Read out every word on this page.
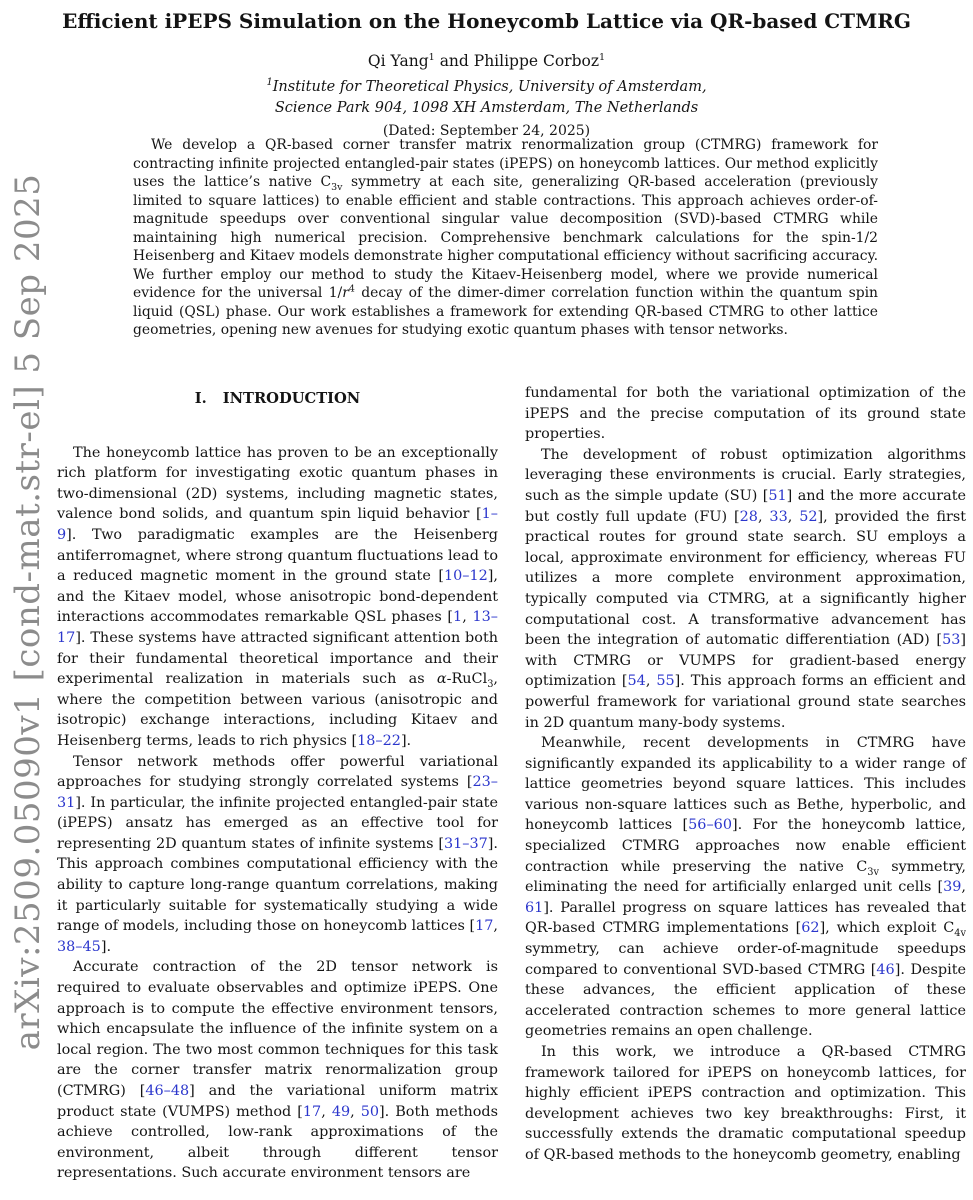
arXiv:2509.05090v1 [cond-mat.str-el] 5 Sep 2025
Efficient iPEPS Simulation on the Honeycomb Lattice via QR-based CTMRG
Qi Yang$^1$ and Philippe Corboz$^1$
$^1$Institute for Theoretical Physics, University of Amsterdam,
Science Park 904, 1098 XH Amsterdam, The Netherlands
(Dated: September 24, 2025)

We develop a QR-based corner transfer matrix renormalization group (CTMRG) framework for contracting infinite projected entangled-pair states (iPEPS) on honeycomb lattices. Our method explicitly uses the lattice’s native $C_{3v}$ symmetry at each site, generalizing QR-based acceleration (previously limited to square lattices) to enable efficient and stable contractions. This approach achieves order-of-magnitude speedups over conventional singular value decomposition (SVD)-based CTMRG while maintaining high numerical precision. Comprehensive benchmark calculations for the spin-1/2 Heisenberg and Kitaev models demonstrate higher computational efficiency without sacrificing accuracy. We further employ our method to study the Kitaev-Heisenberg model, where we provide numerical evidence for the universal $1/r^4$ decay of the dimer-dimer correlation function within the quantum spin liquid (QSL) phase. Our work establishes a framework for extending QR-based CTMRG to other lattice geometries, opening new avenues for studying exotic quantum phases with tensor networks.

I. INTRODUCTION

The honeycomb lattice has proven to be an exceptionally rich platform for investigating exotic quantum phases in two-dimensional (2D) systems, including magnetic states, valence bond solids, and quantum spin liquid behavior [1–9]. Two paradigmatic examples are the Heisenberg antiferromagnet, where strong quantum fluctuations lead to a reduced magnetic moment in the ground state [10–12], and the Kitaev model, whose anisotropic bond-dependent interactions accommodates remarkable QSL phases [1, 13–17]. These systems have attracted significant attention both for their fundamental theoretical importance and their experimental realization in materials such as α-RuCl$_3$, where the competition between various (anisotropic and isotropic) exchange interactions, including Kitaev and Heisenberg terms, leads to rich physics [18–22].

Tensor network methods offer powerful variational approaches for studying strongly correlated systems [23–31]. In particular, the infinite projected entangled-pair state (iPEPS) ansatz has emerged as an effective tool for representing 2D quantum states of infinite systems [31–37]. This approach combines computational efficiency with the ability to capture long-range quantum correlations, making it particularly suitable for systematically studying a wide range of models, including those on honeycomb lattices [17, 38–45].

Accurate contraction of the 2D tensor network is required to evaluate observables and optimize iPEPS. One approach is to compute the effective environment tensors, which encapsulate the influence of the infinite system on a local region. The two most common techniques for this task are the corner transfer matrix renormalization group (CTMRG) [46–48] and the variational uniform matrix product state (VUMPS) method [17, 49, 50]. Both methods achieve controlled, low-rank approximations of the environment, albeit through different tensor representations. Such accurate environment tensors are

fundamental for both the variational optimization of the iPEPS and the precise computation of its ground state properties.

The development of robust optimization algorithms leveraging these environments is crucial. Early strategies, such as the simple update (SU) [51] and the more accurate but costly full update (FU) [28, 33, 52], provided the first practical routes for ground state search. SU employs a local, approximate environment for efficiency, whereas FU utilizes a more complete environment approximation, typically computed via CTMRG, at a significantly higher computational cost. A transformative advancement has been the integration of automatic differentiation (AD) [53] with CTMRG or VUMPS for gradient-based energy optimization [54, 55]. This approach forms an efficient and powerful framework for variational ground state searches in 2D quantum many-body systems.

Meanwhile, recent developments in CTMRG have significantly expanded its applicability to a wider range of lattice geometries beyond square lattices. This includes various non-square lattices such as Bethe, hyperbolic, and honeycomb lattices [56–60]. For the honeycomb lattice, specialized CTMRG approaches now enable efficient contraction while preserving the native $C_{3v}$ symmetry, eliminating the need for artificially enlarged unit cells [39, 61]. Parallel progress on square lattices has revealed that QR-based CTMRG implementations [62], which exploit $C_{4v}$ symmetry, can achieve order-of-magnitude speedups compared to conventional SVD-based CTMRG [46]. Despite these advances, the efficient application of these accelerated contraction schemes to more general lattice geometries remains an open challenge.

In this work, we introduce a QR-based CTMRG framework tailored for iPEPS on honeycomb lattices, for highly efficient iPEPS contraction and optimization. This development achieves two key breakthroughs: First, it successfully extends the dramatic computational speedup of QR-based methods to the honeycomb geometry, enabling
